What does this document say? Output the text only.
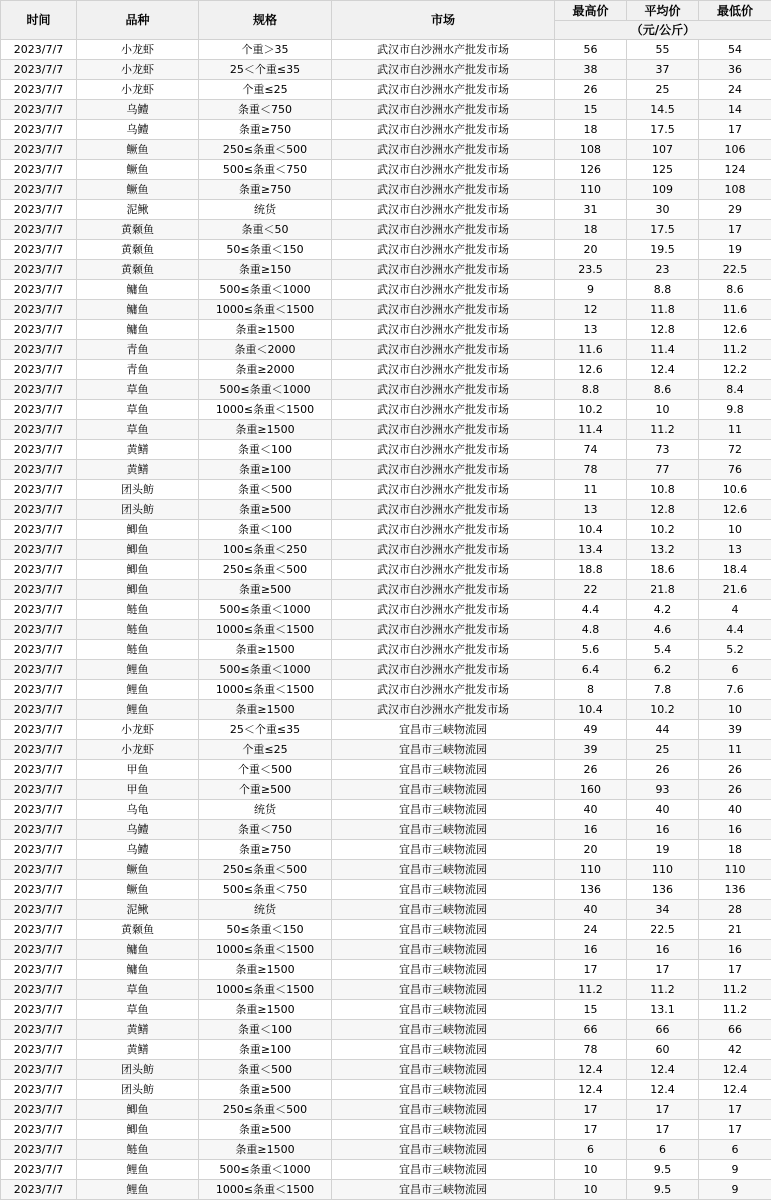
时间	品种	规格	市场	最高价	平均价	最低价
				（元/公斤）		
2023/7/7	小龙虾	个重＞35	武汉市白沙洲水产批发市场	56	55	54
2023/7/7	小龙虾	25＜个重≤35	武汉市白沙洲水产批发市场	38	37	36
2023/7/7	小龙虾	个重≤25	武汉市白沙洲水产批发市场	26	25	24
2023/7/7	乌鳢	条重＜750	武汉市白沙洲水产批发市场	15	14.5	14
2023/7/7	乌鳢	条重≥750	武汉市白沙洲水产批发市场	18	17.5	17
2023/7/7	鳜鱼	250≤条重＜500	武汉市白沙洲水产批发市场	108	107	106
2023/7/7	鳜鱼	500≤条重＜750	武汉市白沙洲水产批发市场	126	125	124
2023/7/7	鳜鱼	条重≥750	武汉市白沙洲水产批发市场	110	109	108
2023/7/7	泥鳅	统货	武汉市白沙洲水产批发市场	31	30	29
2023/7/7	黄颡鱼	条重＜50	武汉市白沙洲水产批发市场	18	17.5	17
2023/7/7	黄颡鱼	50≤条重＜150	武汉市白沙洲水产批发市场	20	19.5	19
2023/7/7	黄颡鱼	条重≥150	武汉市白沙洲水产批发市场	23.5	23	22.5
2023/7/7	鳙鱼	500≤条重＜1000	武汉市白沙洲水产批发市场	9	8.8	8.6
2023/7/7	鳙鱼	1000≤条重＜1500	武汉市白沙洲水产批发市场	12	11.8	11.6
2023/7/7	鳙鱼	条重≥1500	武汉市白沙洲水产批发市场	13	12.8	12.6
2023/7/7	青鱼	条重＜2000	武汉市白沙洲水产批发市场	11.6	11.4	11.2
2023/7/7	青鱼	条重≥2000	武汉市白沙洲水产批发市场	12.6	12.4	12.2
2023/7/7	草鱼	500≤条重＜1000	武汉市白沙洲水产批发市场	8.8	8.6	8.4
2023/7/7	草鱼	1000≤条重＜1500	武汉市白沙洲水产批发市场	10.2	10	9.8
2023/7/7	草鱼	条重≥1500	武汉市白沙洲水产批发市场	11.4	11.2	11
2023/7/7	黄鳝	条重＜100	武汉市白沙洲水产批发市场	74	73	72
2023/7/7	黄鳝	条重≥100	武汉市白沙洲水产批发市场	78	77	76
2023/7/7	团头鲂	条重＜500	武汉市白沙洲水产批发市场	11	10.8	10.6
2023/7/7	团头鲂	条重≥500	武汉市白沙洲水产批发市场	13	12.8	12.6
2023/7/7	鲫鱼	条重＜100	武汉市白沙洲水产批发市场	10.4	10.2	10
2023/7/7	鲫鱼	100≤条重＜250	武汉市白沙洲水产批发市场	13.4	13.2	13
2023/7/7	鲫鱼	250≤条重＜500	武汉市白沙洲水产批发市场	18.8	18.6	18.4
2023/7/7	鲫鱼	条重≥500	武汉市白沙洲水产批发市场	22	21.8	21.6
2023/7/7	鲢鱼	500≤条重＜1000	武汉市白沙洲水产批发市场	4.4	4.2	4
2023/7/7	鲢鱼	1000≤条重＜1500	武汉市白沙洲水产批发市场	4.8	4.6	4.4
2023/7/7	鲢鱼	条重≥1500	武汉市白沙洲水产批发市场	5.6	5.4	5.2
2023/7/7	鲤鱼	500≤条重＜1000	武汉市白沙洲水产批发市场	6.4	6.2	6
2023/7/7	鲤鱼	1000≤条重＜1500	武汉市白沙洲水产批发市场	8	7.8	7.6
2023/7/7	鲤鱼	条重≥1500	武汉市白沙洲水产批发市场	10.4	10.2	10
2023/7/7	小龙虾	25＜个重≤35	宜昌市三峡物流园	49	44	39
2023/7/7	小龙虾	个重≤25	宜昌市三峡物流园	39	25	11
2023/7/7	甲鱼	个重＜500	宜昌市三峡物流园	26	26	26
2023/7/7	甲鱼	个重≥500	宜昌市三峡物流园	160	93	26
2023/7/7	乌龟	统货	宜昌市三峡物流园	40	40	40
2023/7/7	乌鳢	条重＜750	宜昌市三峡物流园	16	16	16
2023/7/7	乌鳢	条重≥750	宜昌市三峡物流园	20	19	18
2023/7/7	鳜鱼	250≤条重＜500	宜昌市三峡物流园	110	110	110
2023/7/7	鳜鱼	500≤条重＜750	宜昌市三峡物流园	136	136	136
2023/7/7	泥鳅	统货	宜昌市三峡物流园	40	34	28
2023/7/7	黄颡鱼	50≤条重＜150	宜昌市三峡物流园	24	22.5	21
2023/7/7	鳙鱼	1000≤条重＜1500	宜昌市三峡物流园	16	16	16
2023/7/7	鳙鱼	条重≥1500	宜昌市三峡物流园	17	17	17
2023/7/7	草鱼	1000≤条重＜1500	宜昌市三峡物流园	11.2	11.2	11.2
2023/7/7	草鱼	条重≥1500	宜昌市三峡物流园	15	13.1	11.2
2023/7/7	黄鳝	条重＜100	宜昌市三峡物流园	66	66	66
2023/7/7	黄鳝	条重≥100	宜昌市三峡物流园	78	60	42
2023/7/7	团头鲂	条重＜500	宜昌市三峡物流园	12.4	12.4	12.4
2023/7/7	团头鲂	条重≥500	宜昌市三峡物流园	12.4	12.4	12.4
2023/7/7	鲫鱼	250≤条重＜500	宜昌市三峡物流园	17	17	17
2023/7/7	鲫鱼	条重≥500	宜昌市三峡物流园	17	17	17
2023/7/7	鲢鱼	条重≥1500	宜昌市三峡物流园	6	6	6
2023/7/7	鲤鱼	500≤条重＜1000	宜昌市三峡物流园	10	9.5	9
2023/7/7	鲤鱼	1000≤条重＜1500	宜昌市三峡物流园	10	9.5	9
